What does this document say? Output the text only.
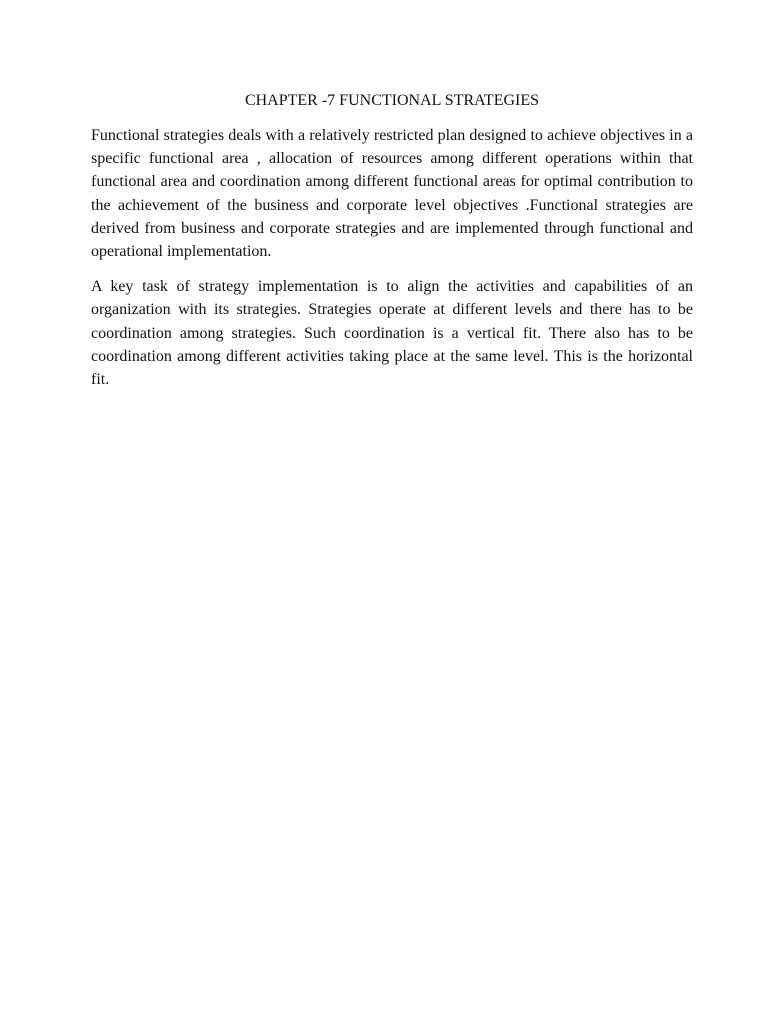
CHAPTER -7 FUNCTIONAL STRATEGIES

Functional strategies deals with a relatively restricted plan designed to achieve objectives in a specific functional area , allocation of resources among different operations within that functional area and coordination among different functional areas for optimal contribution to the achievement of the business and corporate level objectives .Functional strategies are derived from business and corporate strategies and are implemented through functional and operational implementation.

A key task of strategy implementation is to align the activities and capabilities of an organization with its strategies. Strategies operate at different levels and there has to be coordination among strategies. Such coordination is a vertical fit. There also has to be coordination among different activities taking place at the same level. This is the horizontal fit.
